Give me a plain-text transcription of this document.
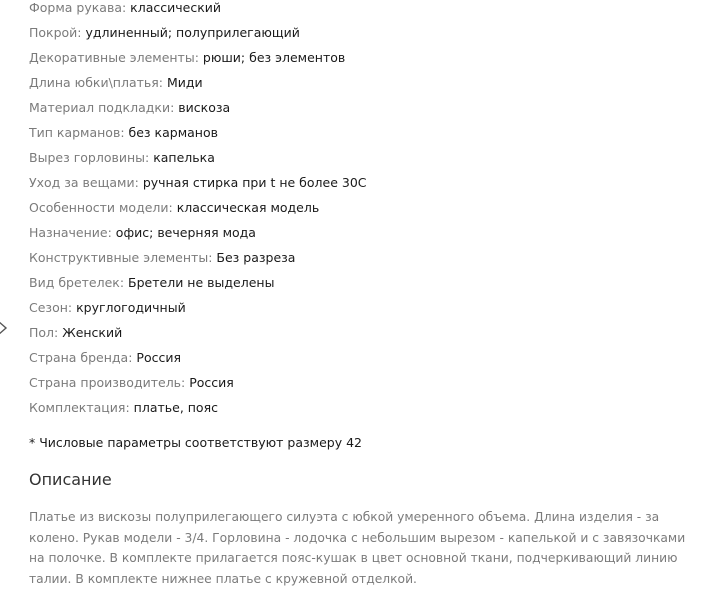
Форма рукава: классический
Покрой: удлиненный; полуприлегающий
Декоративные элементы: рюши; без элементов
Длина юбки\платья: Миди
Материал подкладки: вискоза
Тип карманов: без карманов
Вырез горловины: капелька
Уход за вещами: ручная стирка при t не более 30С
Особенности модели: классическая модель
Назначение: офис; вечерняя мода
Конструктивные элементы: Без разреза
Вид бретелек: Бретели не выделены
Сезон: круглогодичный
Пол: Женский
Страна бренда: Россия
Страна производитель: Россия
Комплектация: платье, пояс
* Числовые параметры соответствуют размеру 42
Описание

Платье из вискозы полуприлегающего силуэта с юбкой умеренного объема. Длина изделия - за колено. Рукав модели - 3/4. Горловина - лодочка с небольшим вырезом - капелькой и с завязочками на полочке. В комплекте прилагается пояс-кушак в цвет основной ткани, подчеркивающий линию талии. В комплекте нижнее платье с кружевной отделкой.
